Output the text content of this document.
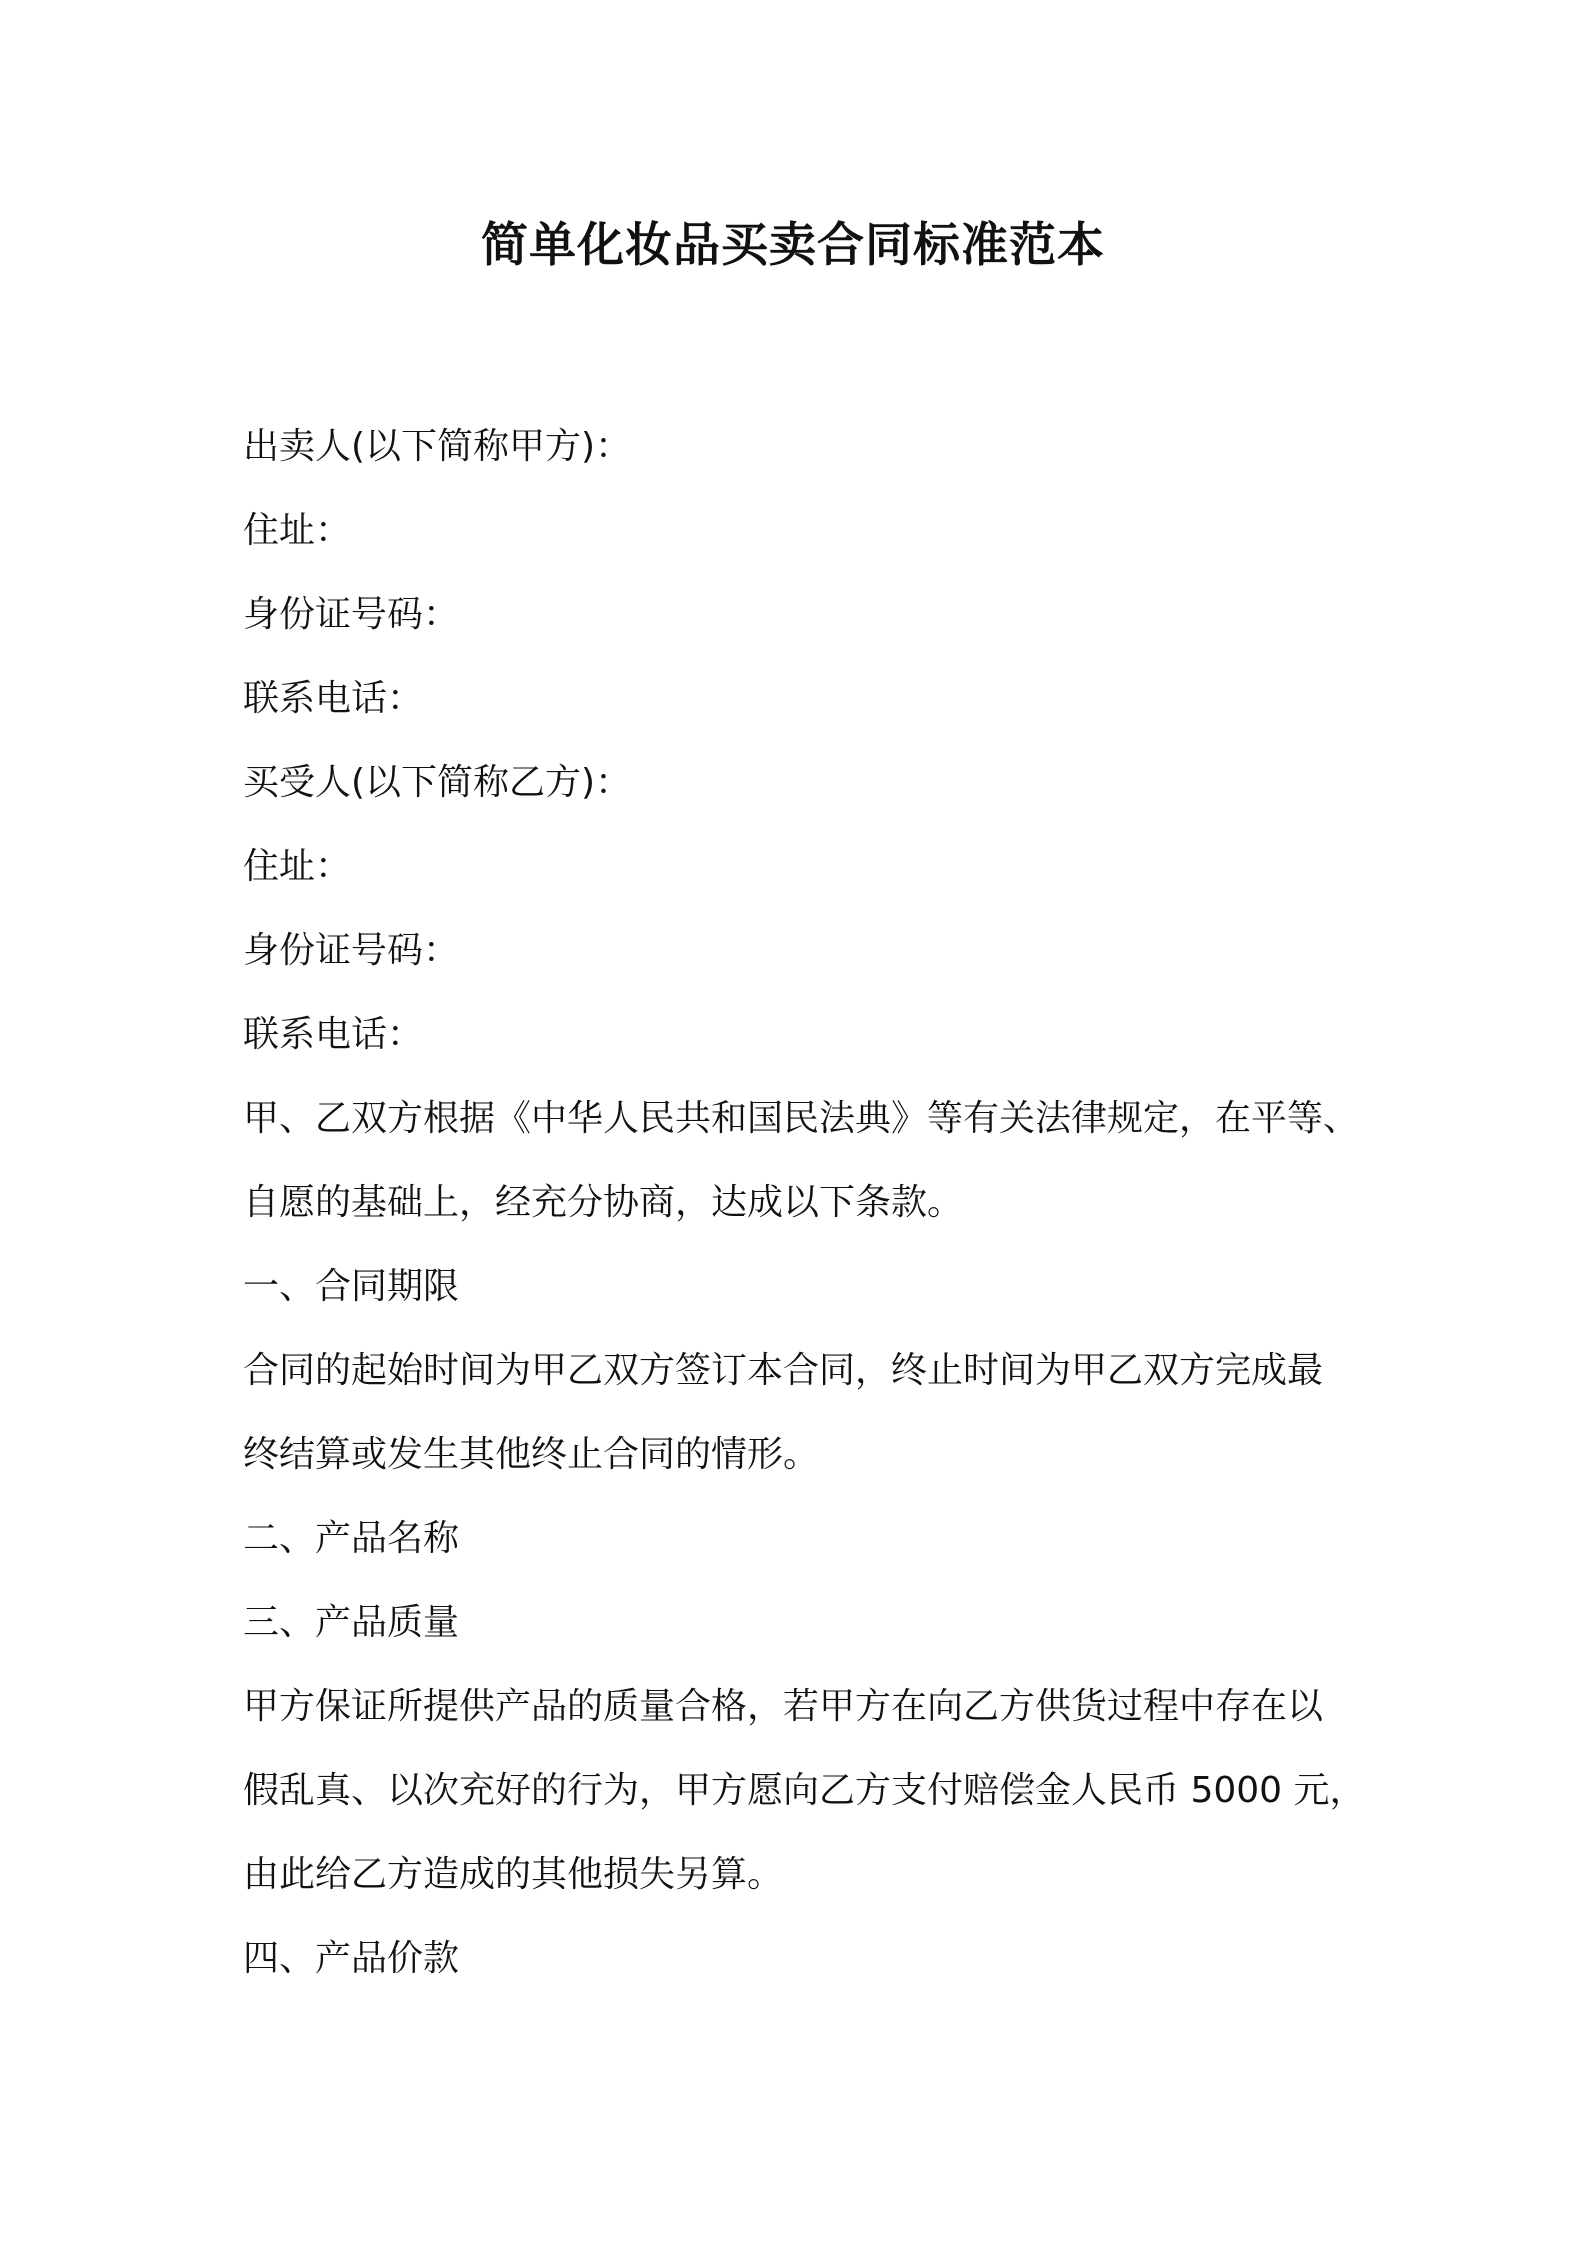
简单化妆品买卖合同标准范本
出卖人(以下简称甲方)：
住址：
身份证号码：
联系电话：
买受人(以下简称乙方)：
住址：
身份证号码：
联系电话：
甲、乙双方根据《中华人民共和国民法典》等有关法律规定，在平等、
自愿的基础上，经充分协商，达成以下条款。
一、合同期限
合同的起始时间为甲乙双方签订本合同，终止时间为甲乙双方完成最
终结算或发生其他终止合同的情形。
二、产品名称
三、产品质量
甲方保证所提供产品的质量合格，若甲方在向乙方供货过程中存在以
假乱真、以次充好的行为，甲方愿向乙方支付赔偿金人民币 5000 元，
由此给乙方造成的其他损失另算。
四、产品价款
